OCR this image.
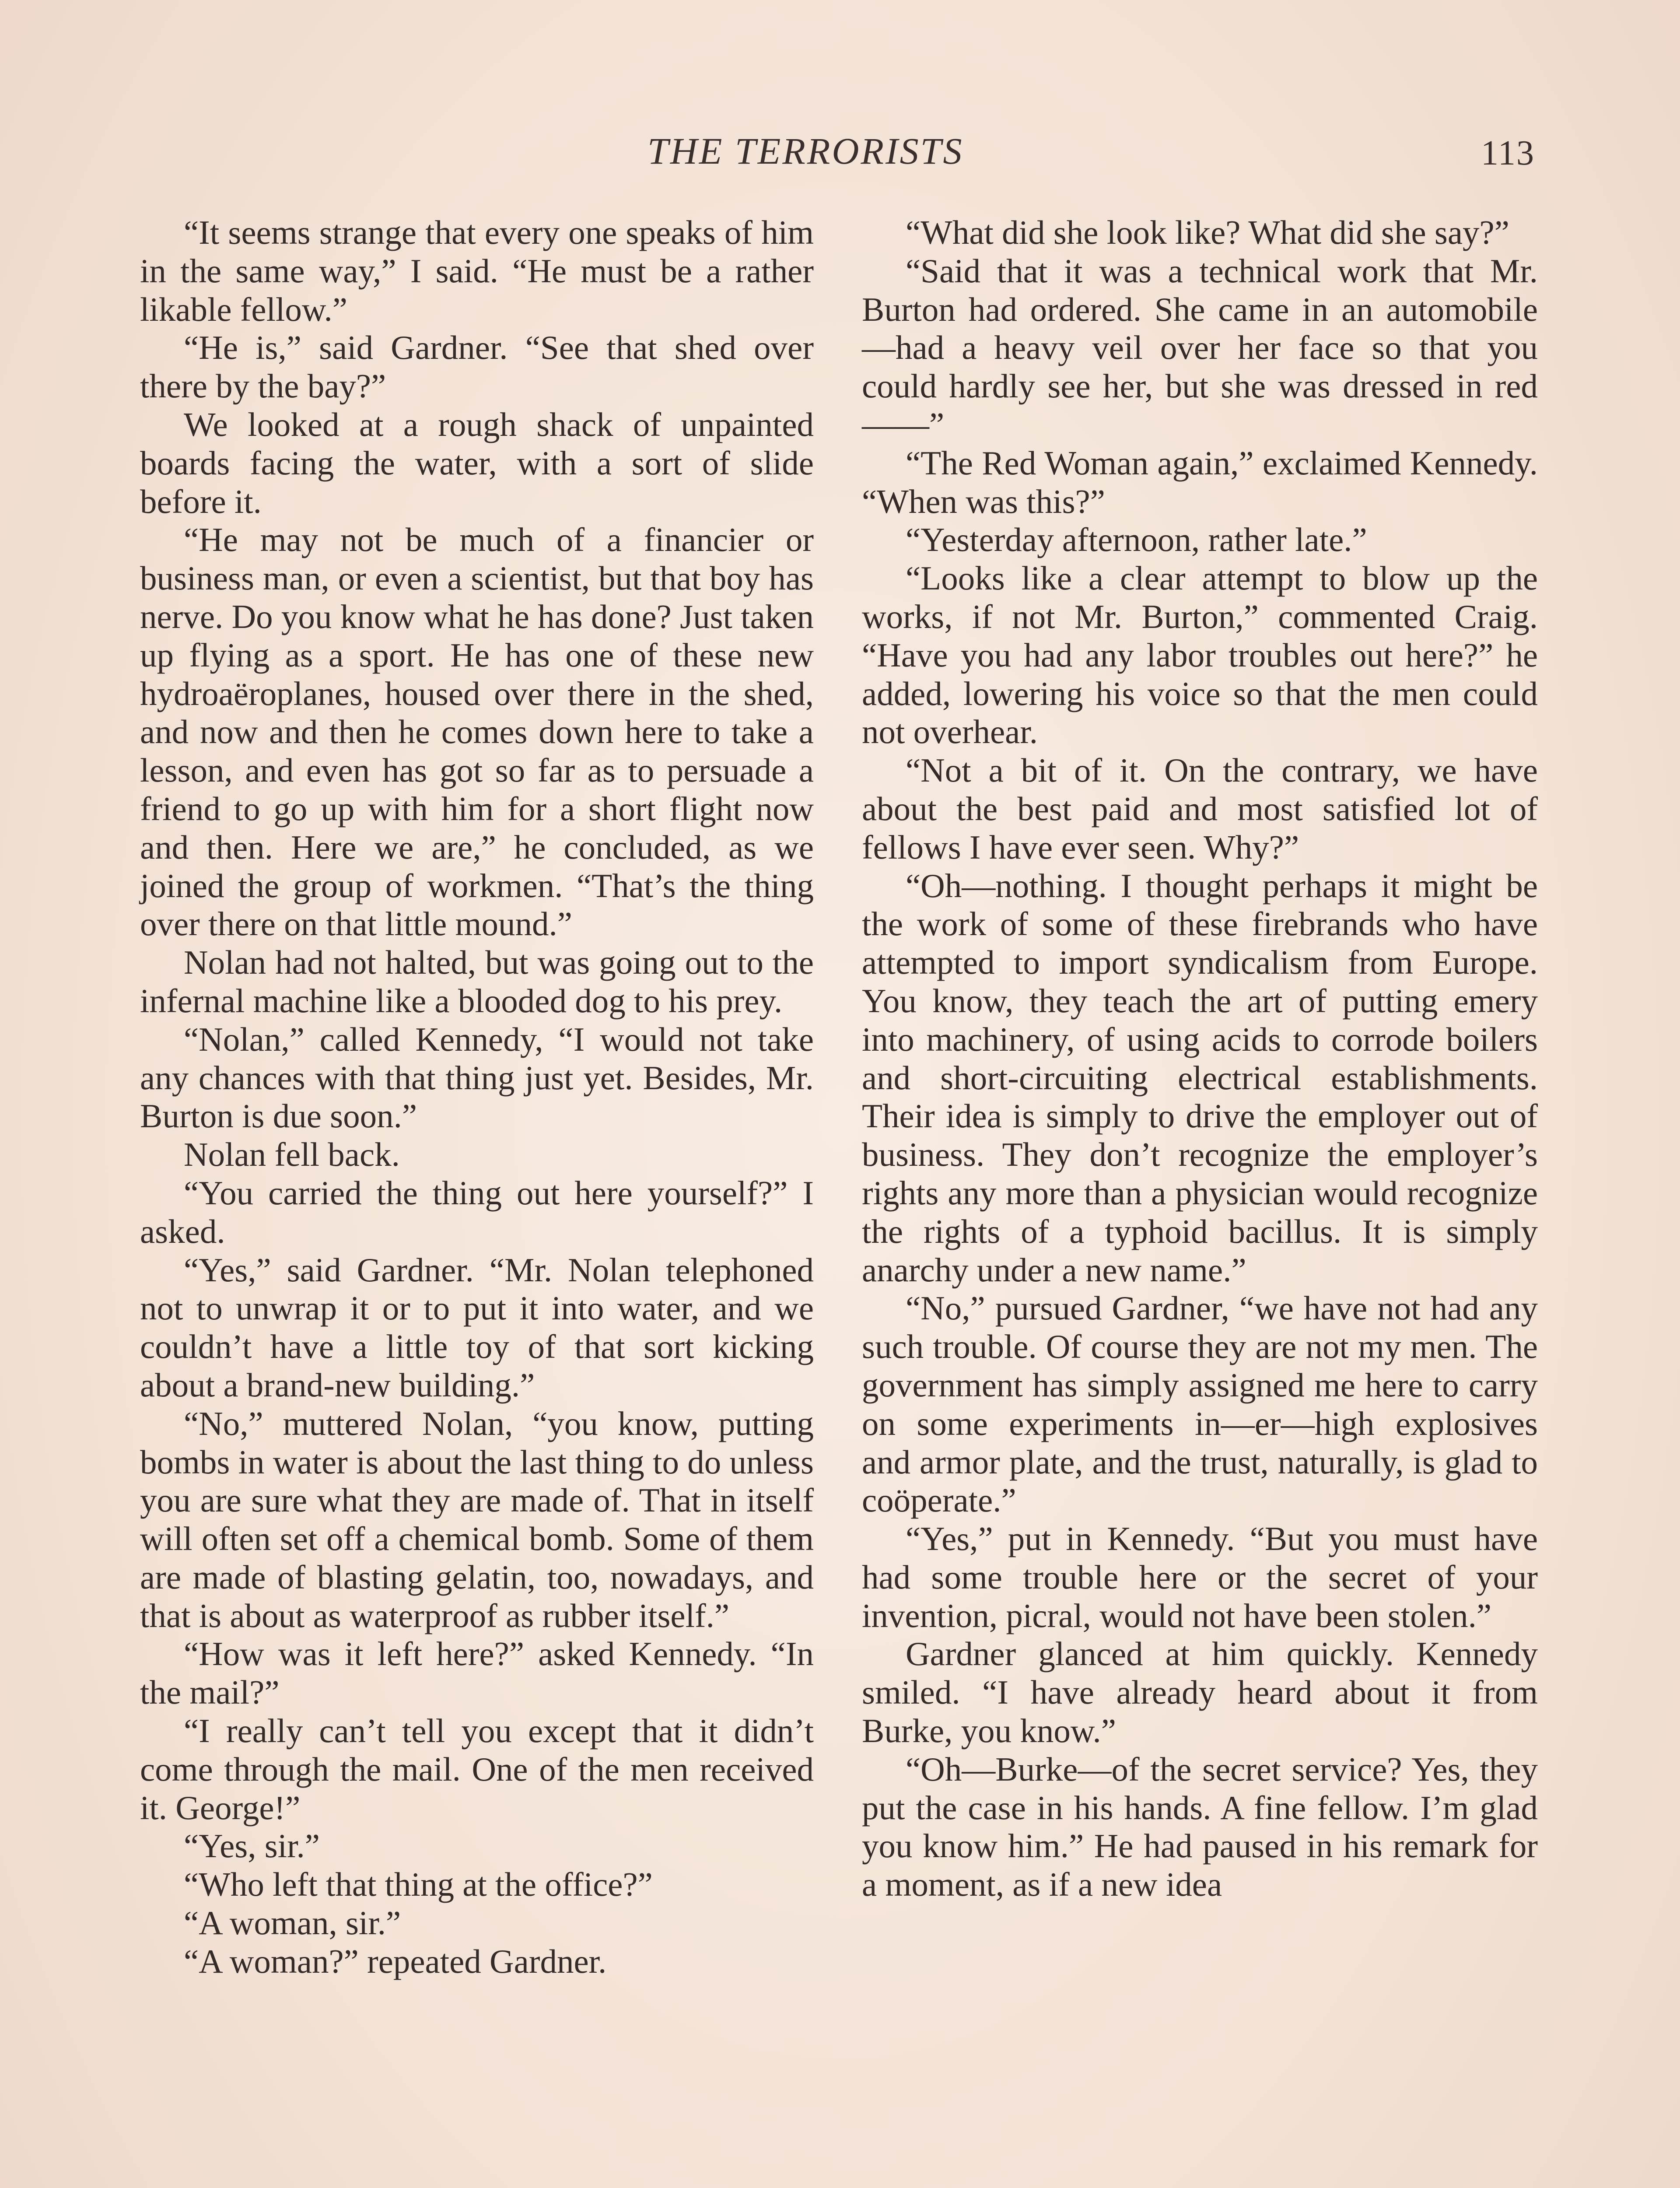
THE TERRORISTS	113

“It seems strange that every one speaks of him in the same way,” I said. “He must be a rather likable fellow.”

“He is,” said Gardner. “See that shed over there by the bay?”

We looked at a rough shack of unpainted boards facing the water, with a sort of slide before it.

“He may not be much of a financier or business man, or even a scientist, but that boy has nerve. Do you know what he has done? Just taken up flying as a sport. He has one of these new hydroaëroplanes, housed over there in the shed, and now and then he comes down here to take a lesson, and even has got so far as to persuade a friend to go up with him for a short flight now and then. Here we are,” he concluded, as we joined the group of workmen. “That’s the thing over there on that little mound.”

Nolan had not halted, but was going out to the infernal machine like a blooded dog to his prey.

“Nolan,” called Kennedy, “I would not take any chances with that thing just yet. Besides, Mr. Burton is due soon.”

Nolan fell back.

“You carried the thing out here yourself?” I asked.

“Yes,” said Gardner. “Mr. Nolan telephoned not to unwrap it or to put it into water, and we couldn’t have a little toy of that sort kicking about a brand-new building.”

“No,” muttered Nolan, “you know, putting bombs in water is about the last thing to do unless you are sure what they are made of. That in itself will often set off a chemical bomb. Some of them are made of blasting gelatin, too, nowadays, and that is about as waterproof as rubber itself.”

“How was it left here?” asked Kennedy. “In the mail?”

“I really can’t tell you except that it didn’t come through the mail. One of the men received it. George!”

“Yes, sir.”

“Who left that thing at the office?”

“A woman, sir.”

“A woman?” repeated Gardner.

“What did she look like? What did she say?”

“Said that it was a technical work that Mr. Burton had ordered. She came in an automobile—had a heavy veil over her face so that you could hardly see her, but she was dressed in red——”

“The Red Woman again,” exclaimed Kennedy. “When was this?”

“Yesterday afternoon, rather late.”

“Looks like a clear attempt to blow up the works, if not Mr. Burton,” commented Craig. “Have you had any labor troubles out here?” he added, lowering his voice so that the men could not overhear.

“Not a bit of it. On the contrary, we have about the best paid and most satisfied lot of fellows I have ever seen. Why?”

“Oh—nothing. I thought perhaps it might be the work of some of these firebrands who have attempted to import syndicalism from Europe. You know, they teach the art of putting emery into machinery, of using acids to corrode boilers and short-circuiting electrical establishments. Their idea is simply to drive the employer out of business. They don’t recognize the employer’s rights any more than a physician would recognize the rights of a typhoid bacillus. It is simply anarchy under a new name.”

“No,” pursued Gardner, “we have not had any such trouble. Of course they are not my men. The government has simply assigned me here to carry on some experiments in—er—high explosives and armor plate, and the trust, naturally, is glad to coöperate.”

“Yes,” put in Kennedy. “But you must have had some trouble here or the secret of your invention, picral, would not have been stolen.”

Gardner glanced at him quickly. Kennedy smiled. “I have already heard about it from Burke, you know.”

“Oh—Burke—of the secret service? Yes, they put the case in his hands. A fine fellow. I’m glad you know him.” He had paused in his remark for a moment, as if a new idea
